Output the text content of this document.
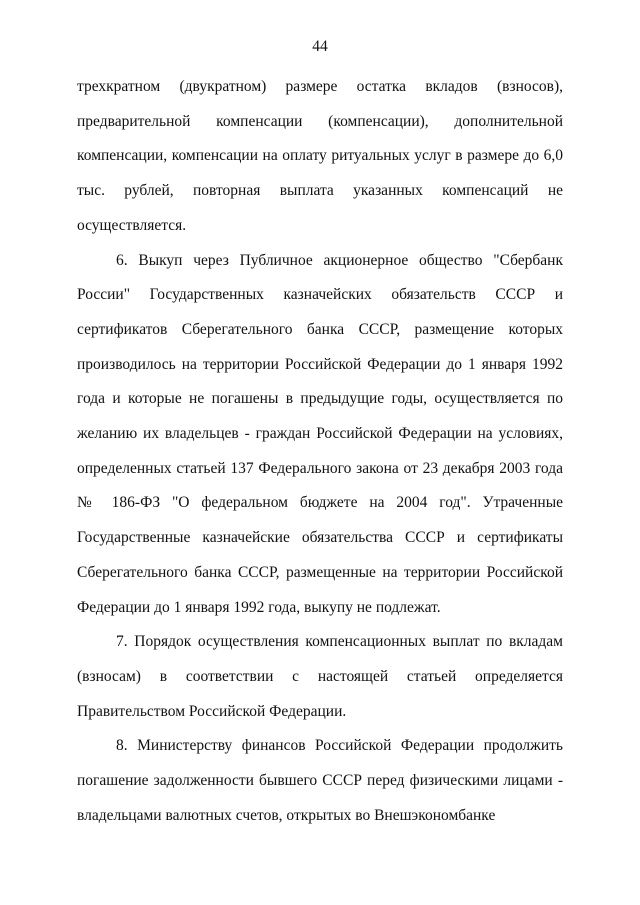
44

трехкратном (двукратном) размере остатка вкладов (взносов), предварительной компенсации (компенсации), дополнительной компенсации, компенсации на оплату ритуальных услуг в размере до 6,0 тыс. рублей, повторная выплата указанных компенсаций не осуществляется.

6. Выкуп через Публичное акционерное общество "Сбербанк России" Государственных казначейских обязательств СССР и сертификатов Сберегательного банка СССР, размещение которых производилось на территории Российской Федерации до 1 января 1992 года и которые не погашены в предыдущие годы, осуществляется по желанию их владельцев - граждан Российской Федерации на условиях, определенных статьей 137 Федерального закона от 23 декабря 2003 года № 186-ФЗ "О федеральном бюджете на 2004 год". Утраченные Государственные казначейские обязательства СССР и сертификаты Сберегательного банка СССР, размещенные на территории Российской Федерации до 1 января 1992 года, выкупу не подлежат.

7. Порядок осуществления компенсационных выплат по вкладам (взносам) в соответствии с настоящей статьей определяется Правительством Российской Федерации.

8. Министерству финансов Российской Федерации продолжить погашение задолженности бывшего СССР перед физическими лицами - владельцами валютных счетов, открытых во Внешэкономбанке
